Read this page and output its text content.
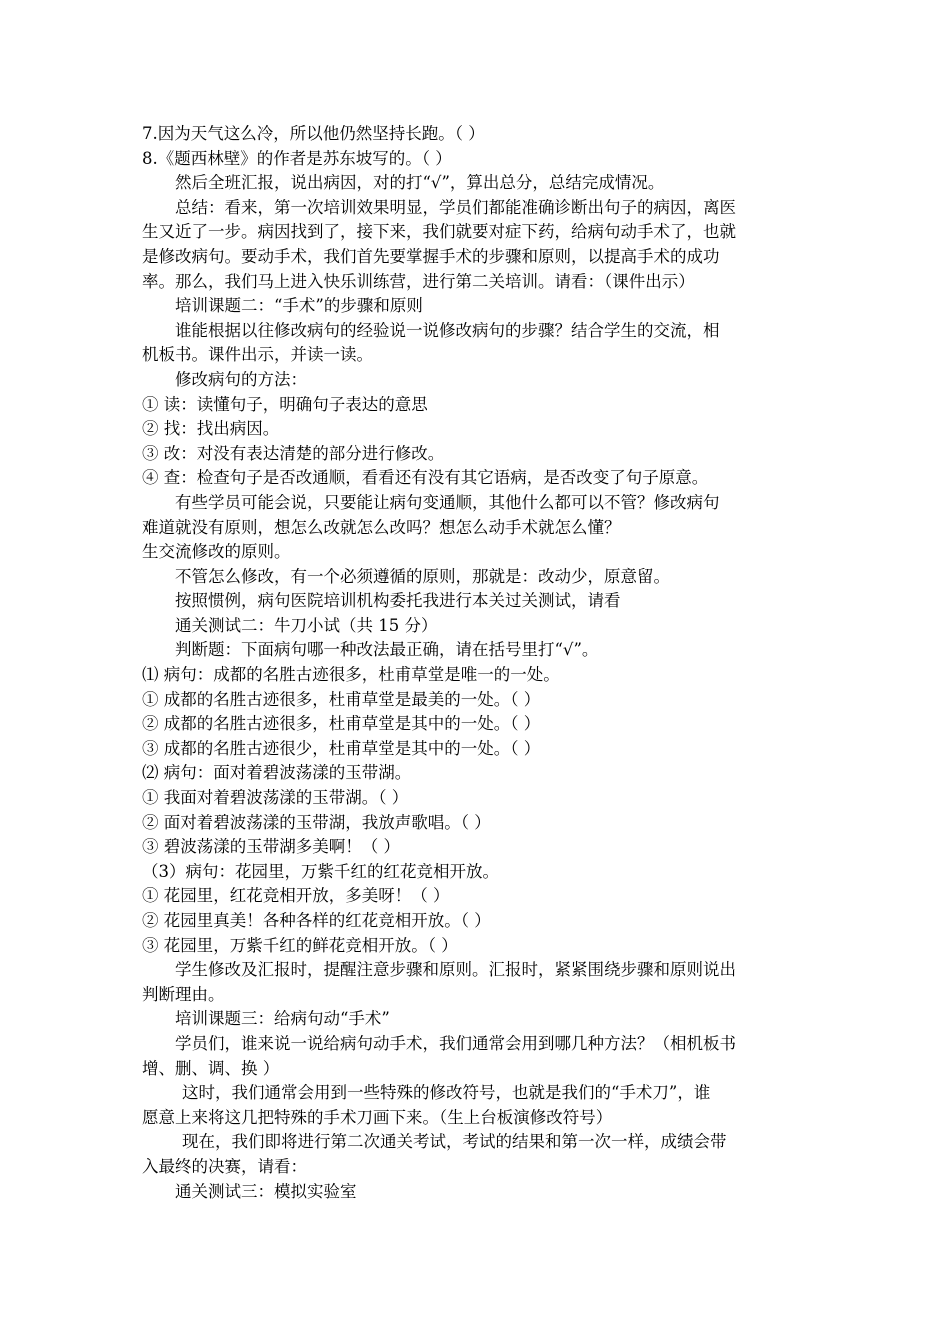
7.因为天气这么冷，所以他仍然坚持长跑。（ ）
8.《题西林壁》的作者是苏东坡写的。（ ）
然后全班汇报，说出病因，对的打“√”，算出总分，总结完成情况。
总结：看来，第一次培训效果明显，学员们都能准确诊断出句子的病因，离医
生又近了一步。病因找到了，接下来，我们就要对症下药，给病句动手术了，也就
是修改病句。要动手术，我们首先要掌握手术的步骤和原则，以提高手术的成功
率。那么，我们马上进入快乐训练营，进行第二关培训。请看：（课件出示）
培训课题二：“手术”的步骤和原则
谁能根据以往修改病句的经验说一说修改病句的步骤？结合学生的交流，相
机板书。课件出示，并读一读。
修改病句的方法：
① 读：读懂句子，明确句子表达的意思
② 找：找出病因。
③ 改：对没有表达清楚的部分进行修改。
④ 查：检查句子是否改通顺，看看还有没有其它语病，是否改变了句子原意。
有些学员可能会说，只要能让病句变通顺，其他什么都可以不管？修改病句
难道就没有原则，想怎么改就怎么改吗？想怎么动手术就怎么懂？
生交流修改的原则。
不管怎么修改，有一个必须遵循的原则，那就是：改动少，原意留。
按照惯例，病句医院培训机构委托我进行本关过关测试，请看
通关测试二：牛刀小试（共 15 分）
判断题：下面病句哪一种改法最正确，请在括号里打“√”。
⑴ 病句：成都的名胜古迹很多，杜甫草堂是唯一的一处。
① 成都的名胜古迹很多，杜甫草堂是最美的一处。（ ）
② 成都的名胜古迹很多，杜甫草堂是其中的一处。（ ）
③ 成都的名胜古迹很少，杜甫草堂是其中的一处。（ ）
⑵ 病句：面对着碧波荡漾的玉带湖。
① 我面对着碧波荡漾的玉带湖。（ ）
② 面对着碧波荡漾的玉带湖，我放声歌唱。（ ）
③ 碧波荡漾的玉带湖多美啊！（ ）
（3）病句：花园里，万紫千红的红花竞相开放。
① 花园里，红花竞相开放，多美呀！（ ）
② 花园里真美！各种各样的红花竞相开放。（ ）
③ 花园里，万紫千红的鲜花竞相开放。（ ）
学生修改及汇报时，提醒注意步骤和原则。汇报时，紧紧围绕步骤和原则说出
判断理由。
培训课题三：给病句动“手术”
学员们，谁来说一说给病句动手术，我们通常会用到哪几种方法？（相机板书
增、删、调、换 ）
这时，我们通常会用到一些特殊的修改符号，也就是我们的“手术刀”，谁
愿意上来将这几把特殊的手术刀画下来。（生上台板演修改符号）
现在，我们即将进行第二次通关考试，考试的结果和第一次一样，成绩会带
入最终的决赛，请看：
通关测试三：模拟实验室
